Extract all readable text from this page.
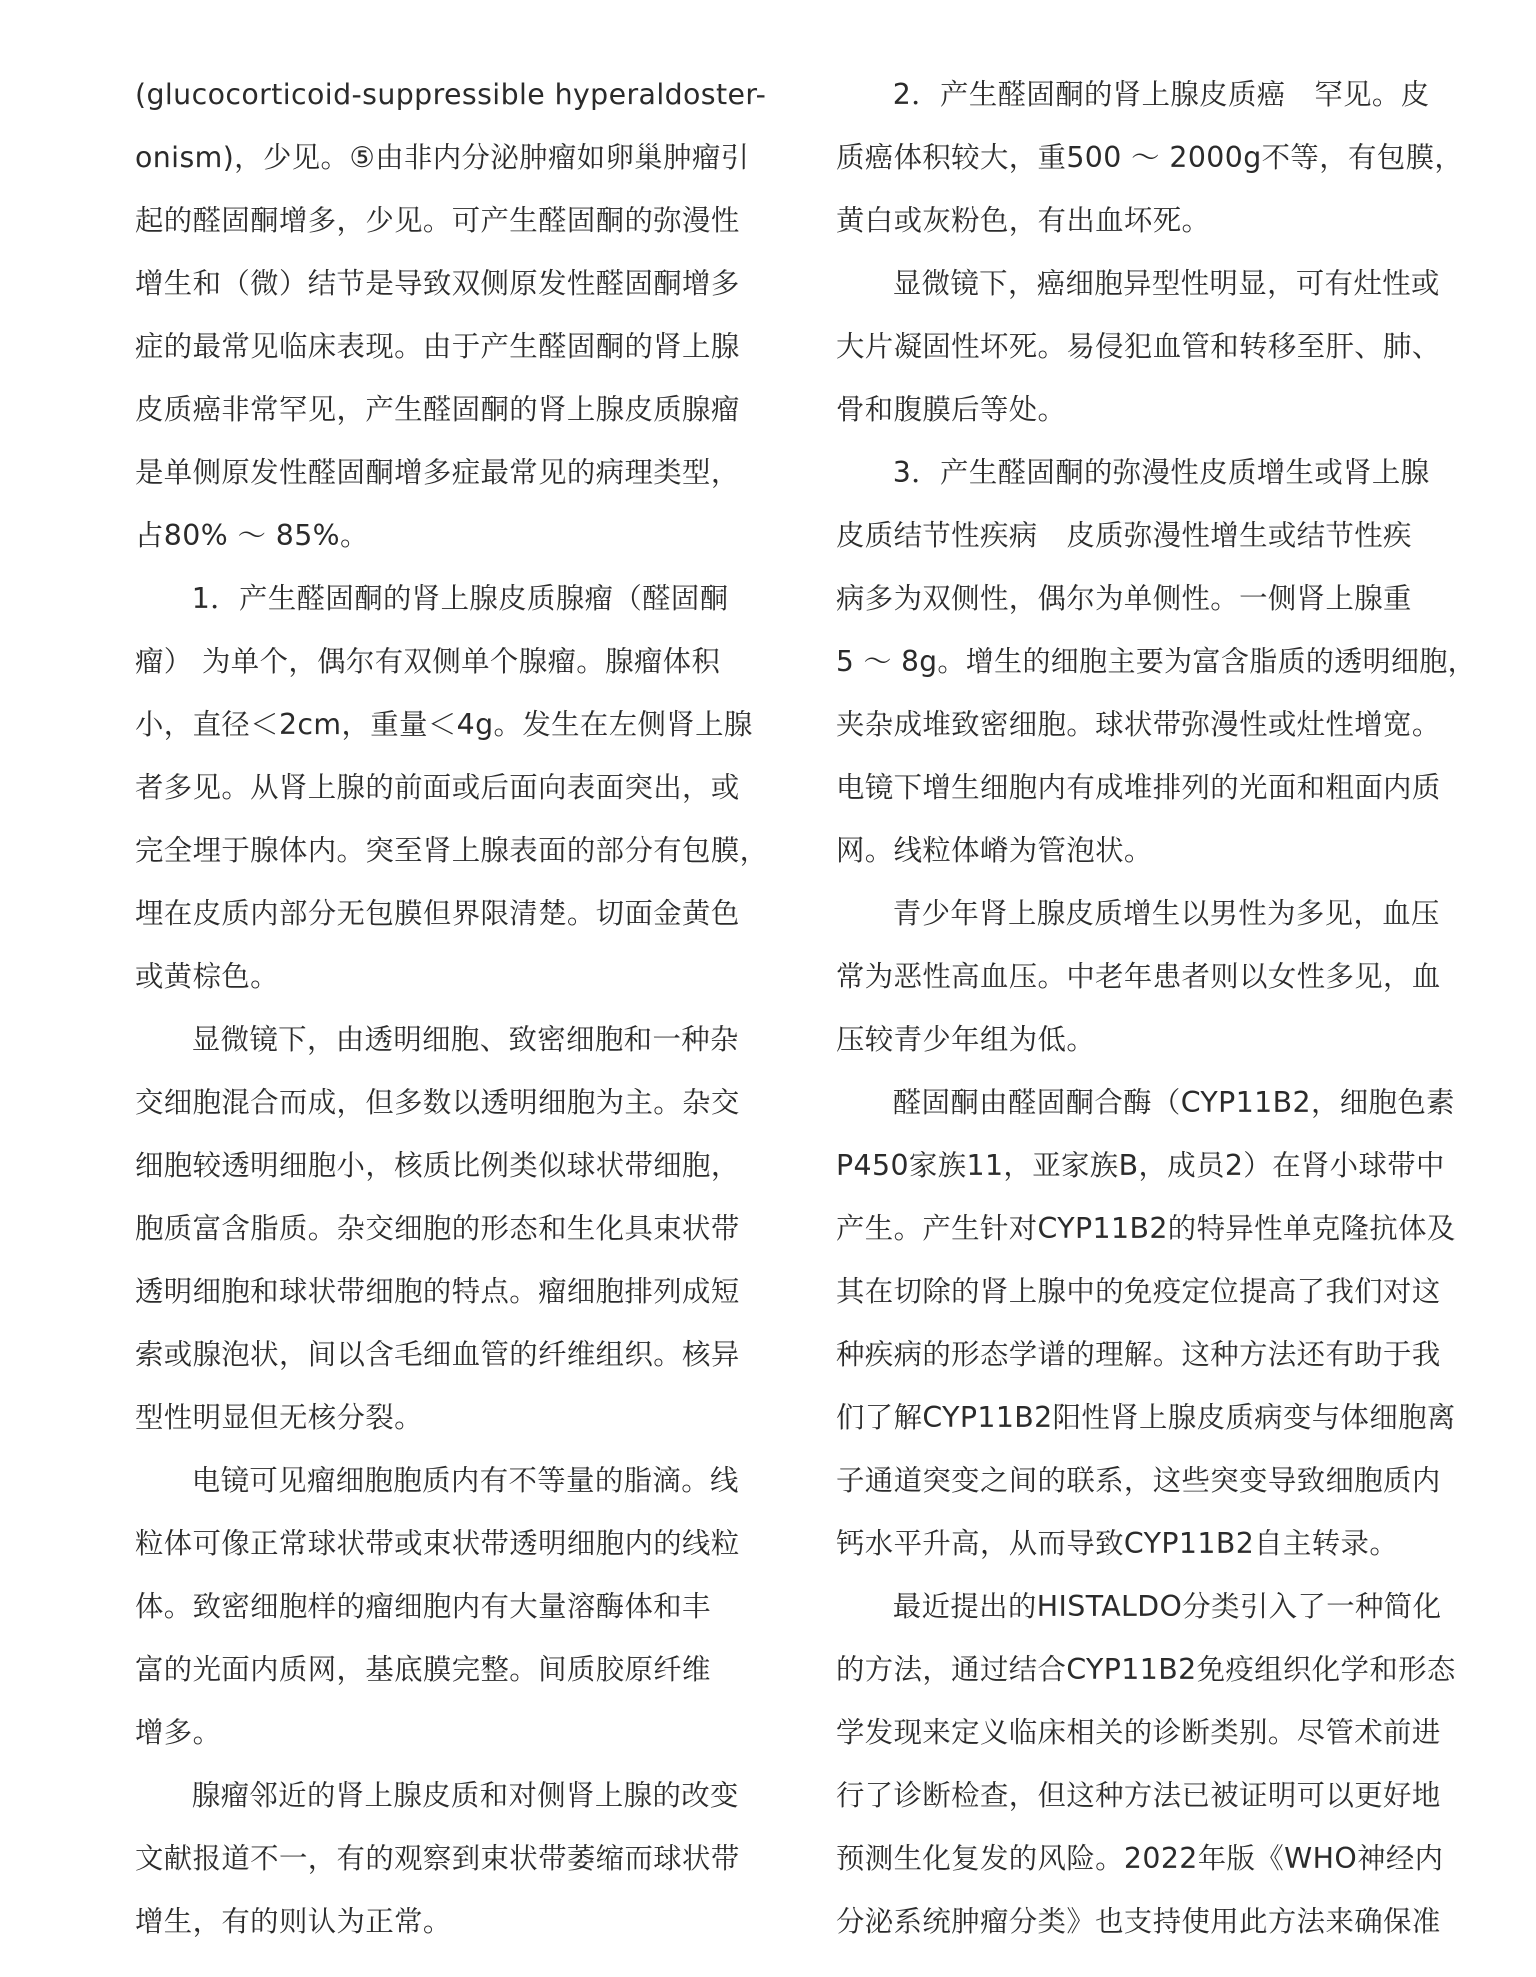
(glucocorticoid-suppressible hyperaldoster-
onism)，少见。⑤由非内分泌肿瘤如卵巢肿瘤引
起的醛固酮增多，少见。可产生醛固酮的弥漫性
增生和（微）结节是导致双侧原发性醛固酮增多
症的最常见临床表现。由于产生醛固酮的肾上腺
皮质癌非常罕见，产生醛固酮的肾上腺皮质腺瘤
是单侧原发性醛固酮增多症最常见的病理类型，
占80% ～ 85%。
1．产生醛固酮的肾上腺皮质腺瘤（醛固酮
瘤） 为单个，偶尔有双侧单个腺瘤。腺瘤体积
小，直径＜2cm，重量＜4g。发生在左侧肾上腺
者多见。从肾上腺的前面或后面向表面突出，或
完全埋于腺体内。突至肾上腺表面的部分有包膜，
埋在皮质内部分无包膜但界限清楚。切面金黄色
或黄棕色。
显微镜下，由透明细胞、致密细胞和一种杂
交细胞混合而成，但多数以透明细胞为主。杂交
细胞较透明细胞小，核质比例类似球状带细胞，
胞质富含脂质。杂交细胞的形态和生化具束状带
透明细胞和球状带细胞的特点。瘤细胞排列成短
索或腺泡状，间以含毛细血管的纤维组织。核异
型性明显但无核分裂。
电镜可见瘤细胞胞质内有不等量的脂滴。线
粒体可像正常球状带或束状带透明细胞内的线粒
体。致密细胞样的瘤细胞内有大量溶酶体和丰
富的光面内质网，基底膜完整。间质胶原纤维
增多。
腺瘤邻近的肾上腺皮质和对侧肾上腺的改变
文献报道不一，有的观察到束状带萎缩而球状带
增生，有的则认为正常。
2．产生醛固酮的肾上腺皮质癌　罕见。皮
质癌体积较大，重500 ～ 2000g不等，有包膜，
黄白或灰粉色，有出血坏死。
显微镜下，癌细胞异型性明显，可有灶性或
大片凝固性坏死。易侵犯血管和转移至肝、肺、
骨和腹膜后等处。
3．产生醛固酮的弥漫性皮质增生或肾上腺
皮质结节性疾病　皮质弥漫性增生或结节性疾
病多为双侧性，偶尔为单侧性。一侧肾上腺重
5 ～ 8g。增生的细胞主要为富含脂质的透明细胞，
夹杂成堆致密细胞。球状带弥漫性或灶性增宽。
电镜下增生细胞内有成堆排列的光面和粗面内质
网。线粒体嵴为管泡状。
青少年肾上腺皮质增生以男性为多见，血压
常为恶性高血压。中老年患者则以女性多见，血
压较青少年组为低。
醛固酮由醛固酮合酶（CYP11B2，细胞色素
P450家族11，亚家族B，成员2）在肾小球带中
产生。产生针对CYP11B2的特异性单克隆抗体及
其在切除的肾上腺中的免疫定位提高了我们对这
种疾病的形态学谱的理解。这种方法还有助于我
们了解CYP11B2阳性肾上腺皮质病变与体细胞离
子通道突变之间的联系，这些突变导致细胞质内
钙水平升高，从而导致CYP11B2自主转录。
最近提出的HISTALDO分类引入了一种简化
的方法，通过结合CYP11B2免疫组织化学和形态
学发现来定义临床相关的诊断类别。尽管术前进
行了诊断检查，但这种方法已被证明可以更好地
预测生化复发的风险。2022年版《WHO神经内
分泌系统肿瘤分类》也支持使用此方法来确保准
